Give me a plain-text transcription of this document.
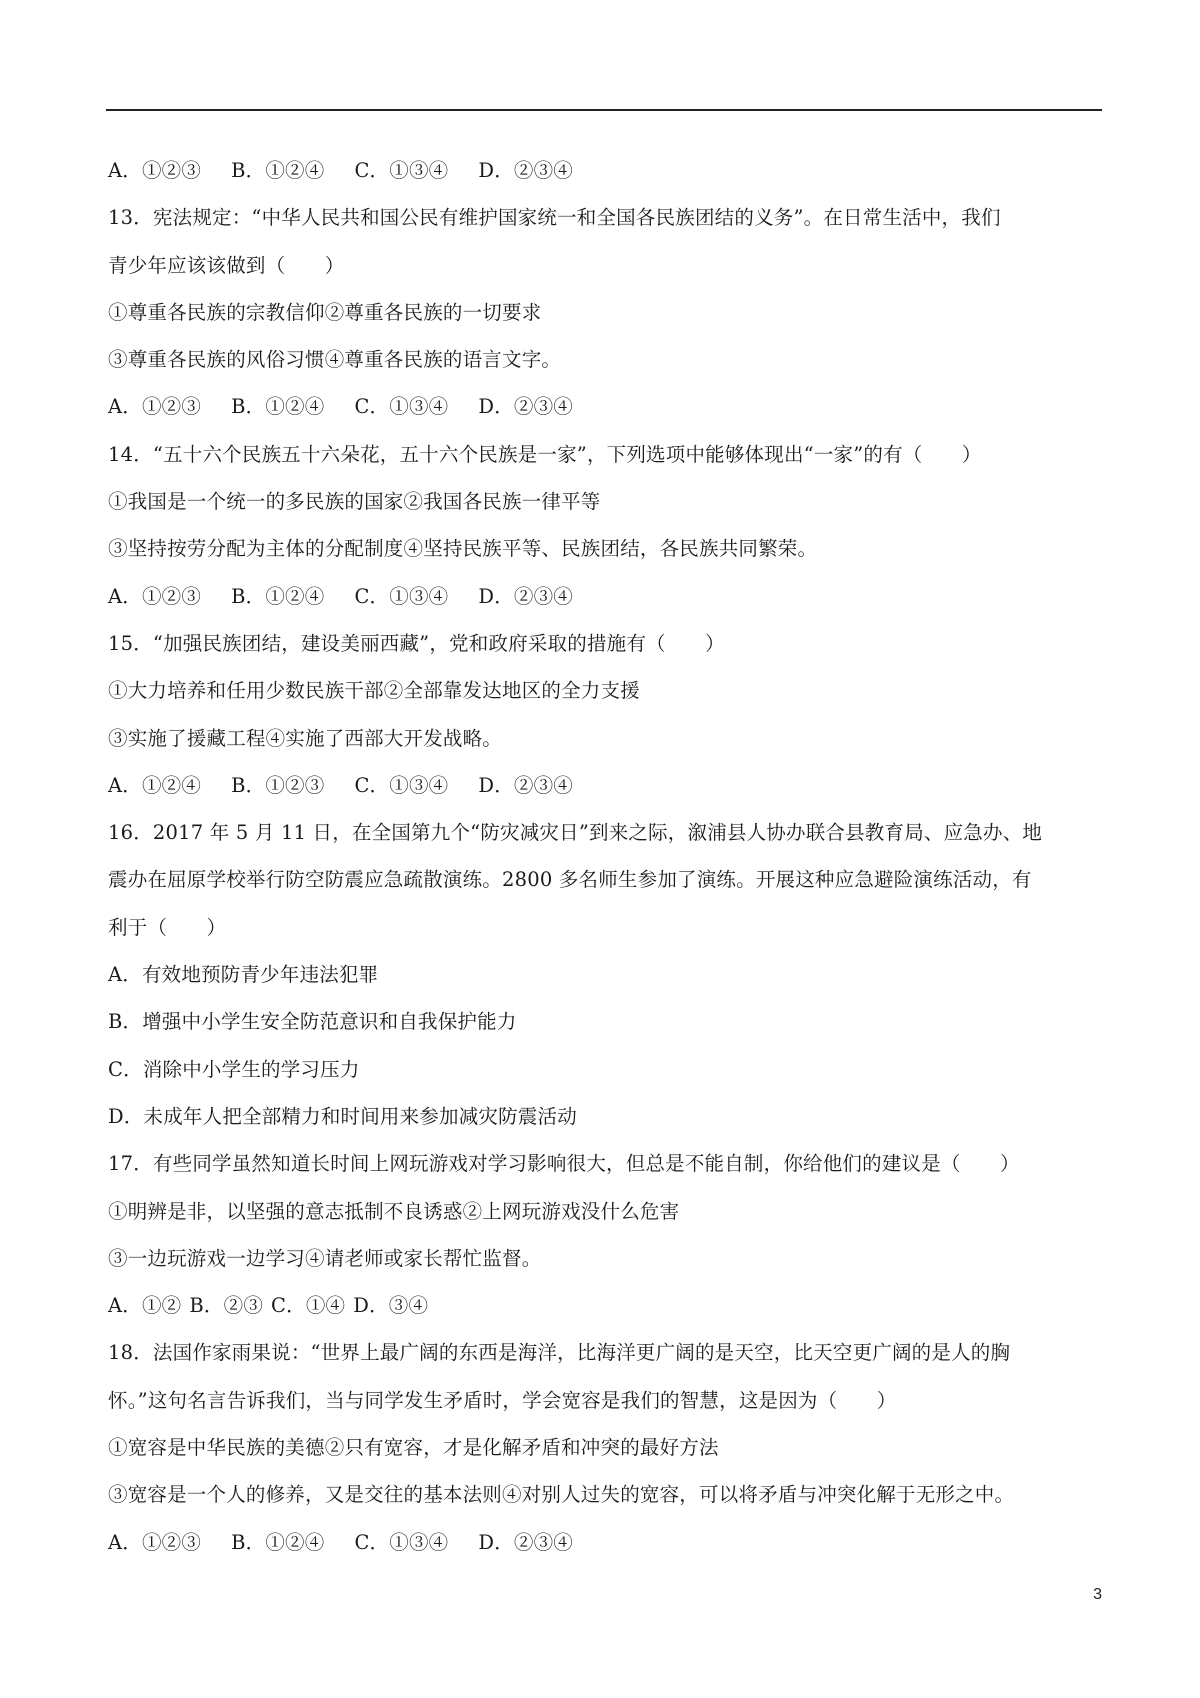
A．①②③ B．①②④ C．①③④ D．②③④
13．宪法规定：“中华人民共和国公民有维护国家统一和全国各民族团结的义务”。在日常生活中，我们
青少年应该该做到（　　）
①尊重各民族的宗教信仰②尊重各民族的一切要求
③尊重各民族的风俗习惯④尊重各民族的语言文字。
A．①②③ B．①②④ C．①③④ D．②③④
14．“五十六个民族五十六朵花，五十六个民族是一家”，下列选项中能够体现出“一家”的有（　　）
①我国是一个统一的多民族的国家②我国各民族一律平等
③坚持按劳分配为主体的分配制度④坚持民族平等、民族团结，各民族共同繁荣。
A．①②③ B．①②④ C．①③④ D．②③④
15．“加强民族团结，建设美丽西藏”，党和政府采取的措施有（　　）
①大力培养和任用少数民族干部②全部靠发达地区的全力支援
③实施了援藏工程④实施了西部大开发战略。
A．①②④ B．①②③ C．①③④ D．②③④
16．2017 年 5 月 11 日，在全国第九个“防灾减灾日”到来之际，溆浦县人协办联合县教育局、应急办、地
震办在屈原学校举行防空防震应急疏散演练。2800 多名师生参加了演练。开展这种应急避险演练活动，有
利于（　　）
A．有效地预防青少年违法犯罪
B．增强中小学生安全防范意识和自我保护能力
C．消除中小学生的学习压力
D．未成年人把全部精力和时间用来参加减灾防震活动
17．有些同学虽然知道长时间上网玩游戏对学习影响很大，但总是不能自制，你给他们的建议是（　　）
①明辨是非，以坚强的意志抵制不良诱惑②上网玩游戏没什么危害
③一边玩游戏一边学习④请老师或家长帮忙监督。
A．①② B．②③ C．①④ D．③④
18．法国作家雨果说：“世界上最广阔的东西是海洋，比海洋更广阔的是天空，比天空更广阔的是人的胸
怀。”这句名言告诉我们，当与同学发生矛盾时，学会宽容是我们的智慧，这是因为（　　）
①宽容是中华民族的美德②只有宽容，才是化解矛盾和冲突的最好方法
③宽容是一个人的修养，又是交往的基本法则④对别人过失的宽容，可以将矛盾与冲突化解于无形之中。
A．①②③ B．①②④ C．①③④ D．②③④
3
